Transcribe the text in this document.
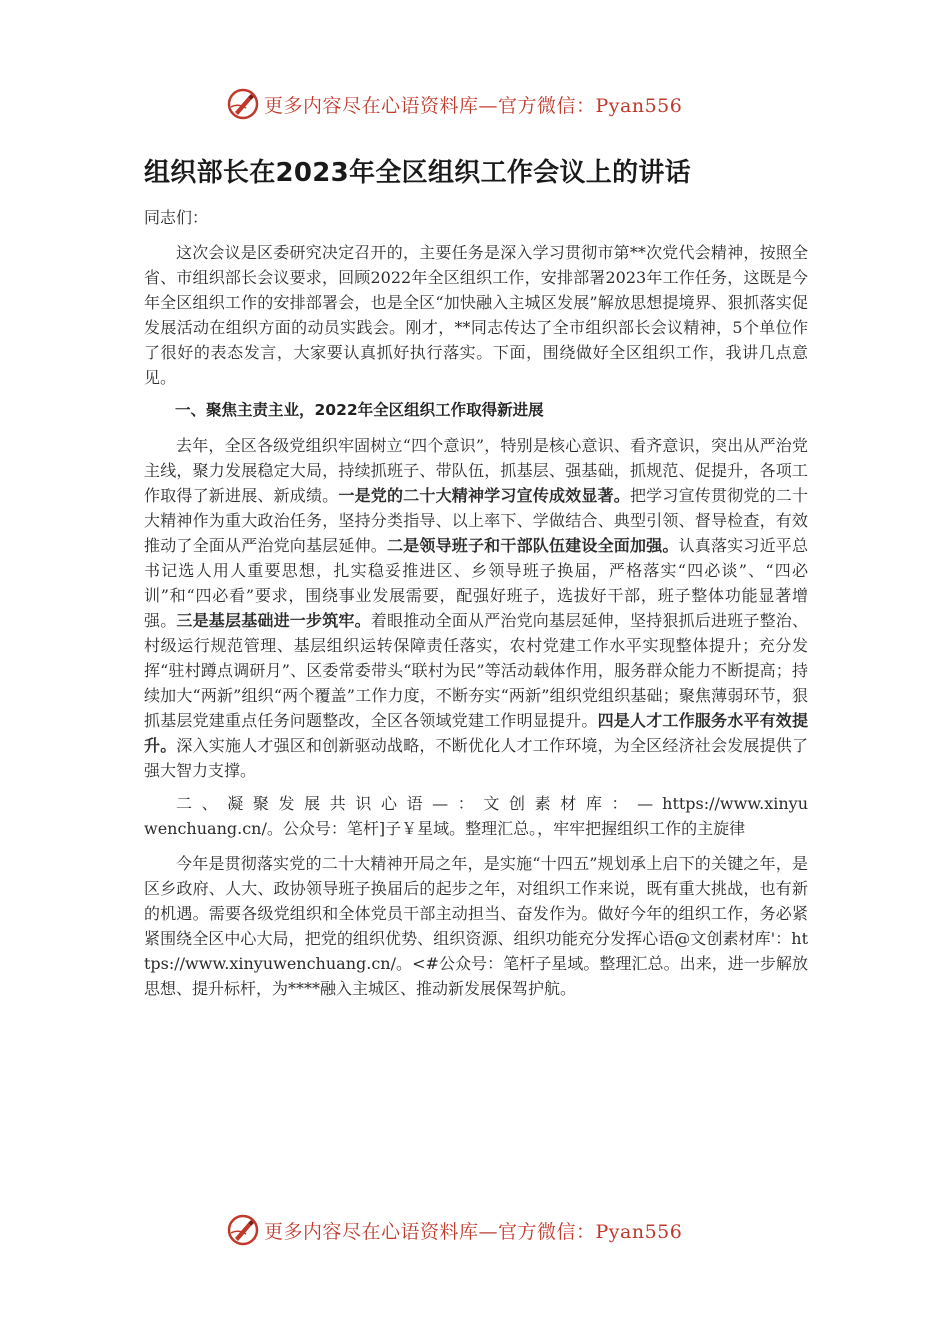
更多内容尽在心语资料库—官方微信：Pyan556
组织部长在2023年全区组织工作会议上的讲话

同志们：

这次会议是区委研究决定召开的，主要任务是深入学习贯彻市第**次党代会精神，按照全省、市组织部长会议要求，回顾2022年全区组织工作，安排部署2023年工作任务，这既是今年全区组织工作的安排部署会，也是全区“加快融入主城区发展”解放思想提境界、狠抓落实促发展活动在组织方面的动员实践会。刚才，**同志传达了全市组织部长会议精神，5个单位作了很好的表态发言，大家要认真抓好执行落实。下面，围绕做好全区组织工作，我讲几点意见。

一、聚焦主责主业，2022年全区组织工作取得新进展

去年，全区各级党组织牢固树立“四个意识”，特别是核心意识、看齐意识，突出从严治党主线，聚力发展稳定大局，持续抓班子、带队伍，抓基层、强基础，抓规范、促提升，各项工作取得了新进展、新成绩。一是党的二十大精神学习宣传成效显著。把学习宣传贯彻党的二十大精神作为重大政治任务，坚持分类指导、以上率下、学做结合、典型引领、督导检查，有效推动了全面从严治党向基层延伸。二是领导班子和干部队伍建设全面加强。认真落实习近平总书记选人用人重要思想，扎实稳妥推进区、乡领导班子换届，严格落实“四必谈”、“四必训”和“四必看”要求，围绕事业发展需要，配强好班子，选拔好干部，班子整体功能显著增强。三是基层基础进一步筑牢。着眼推动全面从严治党向基层延伸，坚持狠抓后进班子整治、村级运行规范管理、基层组织运转保障责任落实，农村党建工作水平实现整体提升；充分发挥“驻村蹲点调研月”、区委常委带头“联村为民”等活动载体作用，服务群众能力不断提高；持续加大“两新”组织“两个覆盖”工作力度，不断夯实“两新”组织党组织基础；聚焦薄弱环节，狠抓基层党建重点任务问题整改，全区各领域党建工作明显提升。四是人才工作服务水平有效提升。深入实施人才强区和创新驱动战略，不断优化人才工作环境，为全区经济社会发展提供了强大智力支撑。

二、凝聚发展共识心语—：文创素材库：—https://www.xinyuwenchuang.cn/。公众号：笔杆]子￥星域。整理汇总。，牢牢把握组织工作的主旋律

今年是贯彻落实党的二十大精神开局之年，是实施“十四五”规划承上启下的关键之年，是区乡政府、人大、政协领导班子换届后的起步之年，对组织工作来说，既有重大挑战，也有新的机遇。需要各级党组织和全体党员干部主动担当、奋发作为。做好今年的组织工作，务必紧紧围绕全区中心大局，把党的组织优势、组织资源、组织功能充分发挥心语@文创素材库'：https://www.xinyuwenchuang.cn/。<#公众号：笔杆子星域。整理汇总。出来，进一步解放思想、提升标杆，为****融入主城区、推动新发展保驾护航。

更多内容尽在心语资料库—官方微信：Pyan556
